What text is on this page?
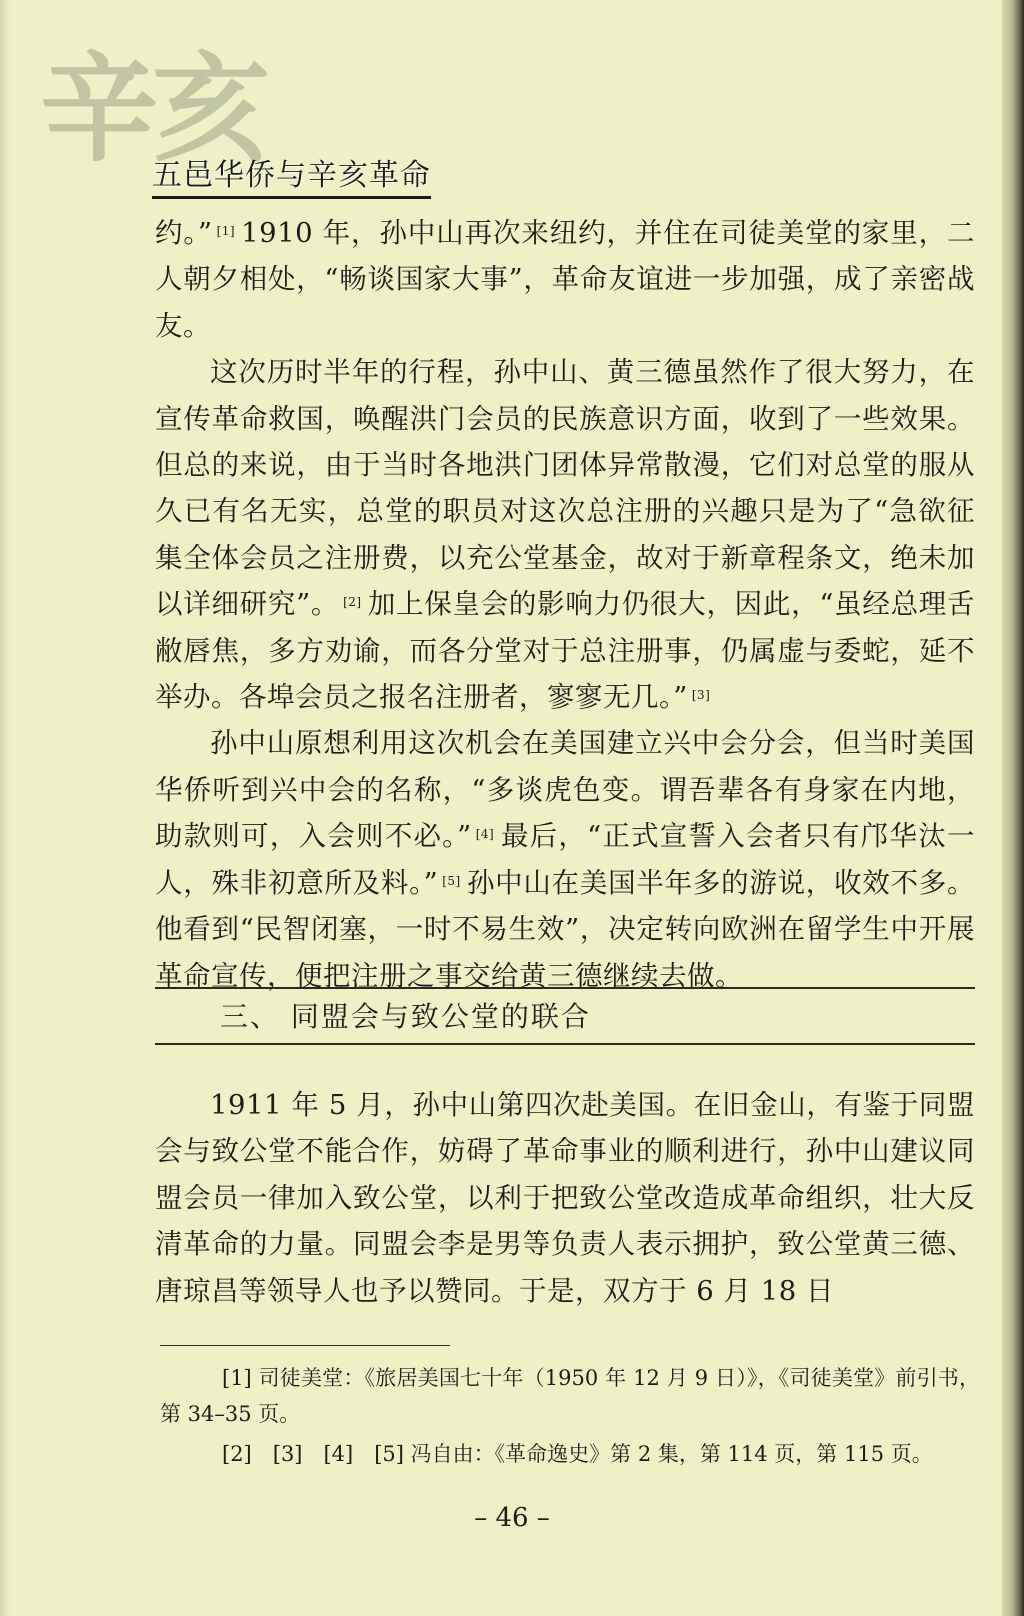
辛亥
五邑华侨与辛亥革命

约。” [1] 1910 年，孙中山再次来纽约，并住在司徒美堂的家里，二人朝夕相处，“畅谈国家大事”，革命友谊进一步加强，成了亲密战友。

这次历时半年的行程，孙中山、黄三德虽然作了很大努力，在宣传革命救国，唤醒洪门会员的民族意识方面，收到了一些效果。但总的来说，由于当时各地洪门团体异常散漫，它们对总堂的服从久已有名无实，总堂的职员对这次总注册的兴趣只是为了“急欲征集全体会员之注册费，以充公堂基金，故对于新章程条文，绝未加以详细研究”。 [2] 加上保皇会的影响力仍很大，因此，“虽经总理舌敝唇焦，多方劝谕，而各分堂对于总注册事，仍属虚与委蛇，延不举办。各埠会员之报名注册者，寥寥无几。” [3]

孙中山原想利用这次机会在美国建立兴中会分会，但当时美国华侨听到兴中会的名称，“多谈虎色变。谓吾辈各有身家在内地，助款则可，入会则不必。” [4] 最后，“正式宣誓入会者只有邝华汰一人，殊非初意所及料。” [5] 孙中山在美国半年多的游说，收效不多。他看到“民智闭塞，一时不易生效”，决定转向欧洲在留学生中开展革命宣传，便把注册之事交给黄三德继续去做。

三、 同盟会与致公堂的联合

1911 年 5 月，孙中山第四次赴美国。在旧金山，有鉴于同盟会与致公堂不能合作，妨碍了革命事业的顺利进行，孙中山建议同盟会员一律加入致公堂，以利于把致公堂改造成革命组织，壮大反清革命的力量。同盟会李是男等负责人表示拥护，致公堂黄三德、唐琼昌等领导人也予以赞同。于是，双方于 6 月 18 日

[1] 司徒美堂：《旅居美国七十年（1950 年 12 月 9 日）》，《司徒美堂》前引书，第 34–35 页。

[2]　[3]　[4]　[5] 冯自由：《革命逸史》第 2 集，第 114 页，第 115 页。

– 46 –
